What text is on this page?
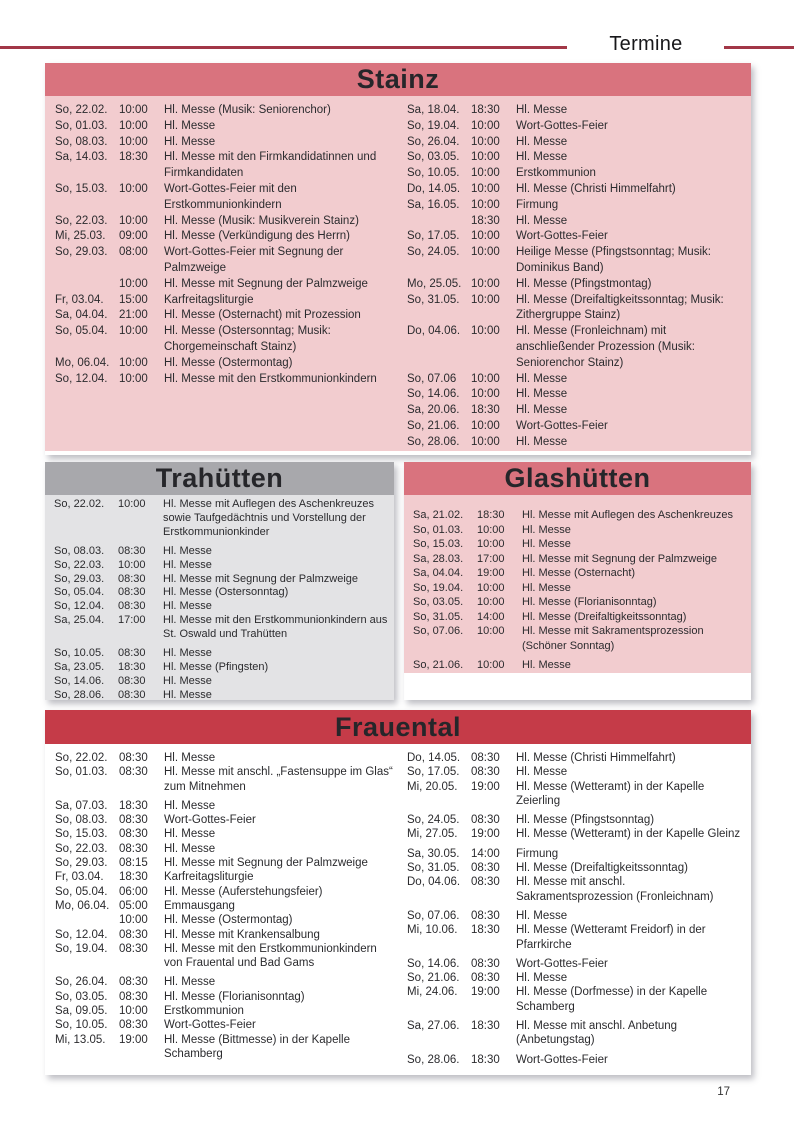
Termine
Stainz
So, 22.02.	10:00	Hl. Messe (Musik: Seniorenchor)
So, 01.03.	10:00	Hl. Messe
So, 08.03.	10:00	Hl. Messe
Sa, 14.03.	18:30	Hl. Messe mit den Firmkandidatinnen und Firmkandidaten
So, 15.03.	10:00	Wort-Gottes-Feier mit den Erstkommunionkindern
So, 22.03.	10:00	Hl. Messe (Musik: Musikverein Stainz)
Mi, 25.03.	09:00	Hl. Messe (Verkündigung des Herrn)
So, 29.03.	08:00	Wort-Gottes-Feier mit Segnung der Palmzweige
10:00	Hl. Messe mit Segnung der Palmzweige
Fr, 03.04.	15:00	Karfreitagsliturgie
Sa, 04.04.	21:00	Hl. Messe (Osternacht) mit Prozession
So, 05.04.	10:00	Hl. Messe (Ostersonntag; Musik: Chorgemeinschaft Stainz)
Mo, 06.04. 10:00	Hl. Messe (Ostermontag)
So, 12.04.	10:00	Hl. Messe mit den Erstkommunionkindern
Sa, 18.04.	18:30	Hl. Messe
So, 19.04.	10:00	Wort-Gottes-Feier
So, 26.04.	10:00	Hl. Messe
So, 03.05.	10:00	Hl. Messe
So, 10.05.	10:00	Erstkommunion
Do, 14.05. 10:00	Hl. Messe (Christi Himmelfahrt)
Sa, 16.05.	10:00	Firmung
18:30	Hl. Messe
So, 17.05.	10:00	Wort-Gottes-Feier
So, 24.05.	10:00	Heilige Messe (Pfingstsonntag; Musik: Dominikus Band)
Mo, 25.05. 10:00	Hl. Messe (Pfingstmontag)
So, 31.05.	10:00	Hl. Messe (Dreifaltigkeitssonntag; Musik: Zithergruppe Stainz)
Do, 04.06. 10:00	Hl. Messe (Fronleichnam) mit anschließender Prozession (Musik: Seniorenchor Stainz)
So, 07.06	10:00	Hl. Messe
So, 14.06.	10:00	Hl. Messe
Sa, 20.06.	18:30	Hl. Messe
So, 21.06.	10:00	Wort-Gottes-Feier
So, 28.06.	10:00	Hl. Messe
Trahütten
So, 22.02.	10:00	Hl. Messe mit Auflegen des Aschenkreuzes sowie Taufgedächtnis und Vorstellung der Erstkommunionkinder
So, 08.03.	08:30	Hl. Messe
So, 22.03.	10:00	Hl. Messe
So, 29.03.	08:30	Hl. Messe mit Segnung der Palmzweige
So, 05.04.	08:30	Hl. Messe (Ostersonntag)
So, 12.04.	08:30	Hl. Messe
Sa, 25.04.	17:00	Hl. Messe mit den Erstkommunionkindern aus St. Oswald und Trahütten
So, 10.05.	08:30	Hl. Messe
Sa, 23.05.	18:30	Hl. Messe (Pfingsten)
So, 14.06.	08:30	Hl. Messe
So, 28.06.	08:30	Hl. Messe
Glashütten
Sa, 21.02.	18:30	Hl. Messe mit Auflegen des Aschenkreuzes
So, 01.03.	10:00	Hl. Messe
So, 15.03.	10:00	Hl. Messe
Sa, 28.03.	17:00	Hl. Messe mit Segnung der Palmzweige
Sa, 04.04.	19:00	Hl. Messe (Osternacht)
So, 19.04.	10:00	Hl. Messe
So, 03.05.	10:00	Hl. Messe (Florianisonntag)
So, 31.05.	14:00	Hl. Messe (Dreifaltigkeitssonntag)
So, 07.06.	10:00	Hl. Messe mit Sakramentsprozession (Schöner Sonntag)
So, 21.06.	10:00	Hl. Messe
Frauental
So, 22.02.	08:30	Hl. Messe
So, 01.03.	08:30	Hl. Messe mit anschl. „Fastensuppe im Glas“ zum Mitnehmen
Sa, 07.03.	18:30	Hl. Messe
So, 08.03.	08:30	Wort-Gottes-Feier
So, 15.03.	08:30	Hl. Messe
So, 22.03.	08:30	Hl. Messe
So, 29.03.	08:15	Hl. Messe mit Segnung der Palmzweige
Fr, 03.04.	18:30	Karfreitagsliturgie
So, 05.04.	06:00	Hl. Messe (Auferstehungsfeier)
Mo, 06.04. 05:00	Emmausgang
10:00	Hl. Messe (Ostermontag)
So, 12.04.	08:30	Hl. Messe mit Krankensalbung
So, 19.04.	08:30	Hl. Messe mit den Erstkommunionkindern von Frauental und Bad Gams
So, 26.04.	08:30	Hl. Messe
So, 03.05.	08:30	Hl. Messe (Florianisonntag)
Sa, 09.05.	10:00	Erstkommunion
So, 10.05.	08:30	Wort-Gottes-Feier
Mi, 13.05.	19:00	Hl. Messe (Bittmesse) in der Kapelle Schamberg
Do, 14.05. 08:30	Hl. Messe (Christi Himmelfahrt)
So, 17.05.	08:30	Hl. Messe
Mi, 20.05.	19:00	Hl. Messe (Wetteramt) in der Kapelle Zeierling
So, 24.05.	08:30	Hl. Messe (Pfingstsonntag)
Mi, 27.05.	19:00	Hl. Messe (Wetteramt) in der Kapelle Gleinz
Sa, 30.05.	14:00	Firmung
So, 31.05.	08:30	Hl. Messe (Dreifaltigkeitssonntag)
Do, 04.06. 08:30	Hl. Messe mit anschl. Sakramentsprozession (Fronleichnam)
So, 07.06.	08:30	Hl. Messe
Mi, 10.06.	18:30	Hl. Messe (Wetteramt Freidorf) in der Pfarrkirche
So, 14.06.	08:30	Wort-Gottes-Feier
So, 21.06.	08:30	Hl. Messe
Mi, 24.06.	19:00	Hl. Messe (Dorfmesse) in der Kapelle Schamberg
Sa, 27.06.	18:30	Hl. Messe mit anschl. Anbetung (Anbetungstag)
So, 28.06.	18:30	Wort-Gottes-Feier
17
